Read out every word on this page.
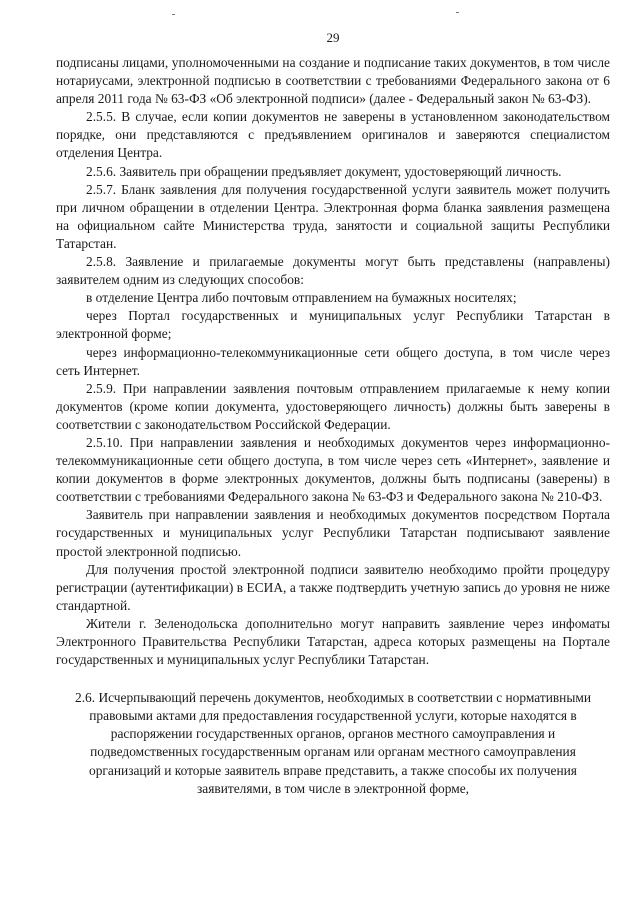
29

подписаны лицами, уполномоченными на создание и подписание таких документов, в том числе нотариусами, электронной подписью в соответствии с требованиями Федерального закона от 6 апреля 2011 года № 63-ФЗ «Об электронной подписи» (далее - Федеральный закон № 63-ФЗ).

2.5.5. В случае, если копии документов не заверены в установленном законодательством порядке, они представляются с предъявлением оригиналов и заверяются специалистом отделения Центра.

2.5.6. Заявитель при обращении предъявляет документ, удостоверяющий личность.

2.5.7. Бланк заявления для получения государственной услуги заявитель может получить при личном обращении в отделении Центра. Электронная форма бланка заявления размещена на официальном сайте Министерства труда, занятости и социальной защиты Республики Татарстан.

2.5.8. Заявление и прилагаемые документы могут быть представлены (направлены) заявителем одним из следующих способов:

в отделение Центра либо почтовым отправлением на бумажных носителях;

через Портал государственных и муниципальных услуг Республики Татарстан в электронной форме;

через информационно-телекоммуникационные сети общего доступа, в том числе через сеть Интернет.

2.5.9. При направлении заявления почтовым отправлением прилагаемые к нему копии документов (кроме копии документа, удостоверяющего личность) должны быть заверены в соответствии с законодательством Российской Федерации.

2.5.10. При направлении заявления и необходимых документов через информационно-телекоммуникационные сети общего доступа, в том числе через сеть «Интернет», заявление и копии документов в форме электронных документов, должны быть подписаны (заверены) в соответствии с требованиями Федерального закона № 63-ФЗ и Федерального закона № 210-ФЗ.

Заявитель при направлении заявления и необходимых документов посредством Портала государственных и муниципальных услуг Республики Татарстан подписывают заявление простой электронной подписью.

Для получения простой электронной подписи заявителю необходимо пройти процедуру регистрации (аутентификации) в ЕСИА, а также подтвердить учетную запись до уровня не ниже стандартной.

Жители г. Зеленодольска дополнительно могут направить заявление через инфоматы Электронного Правительства Республики Татарстан, адреса которых размещены на Портале государственных и муниципальных услуг Республики Татарстан.

2.6. Исчерпывающий перечень документов, необходимых в соответствии с нормативными правовыми актами для предоставления государственной услуги, которые находятся в распоряжении государственных органов, органов местного самоуправления и подведомственных государственным органам или органам местного самоуправления организаций и которые заявитель вправе представить, а также способы их получения заявителями, в том числе в электронной форме,
